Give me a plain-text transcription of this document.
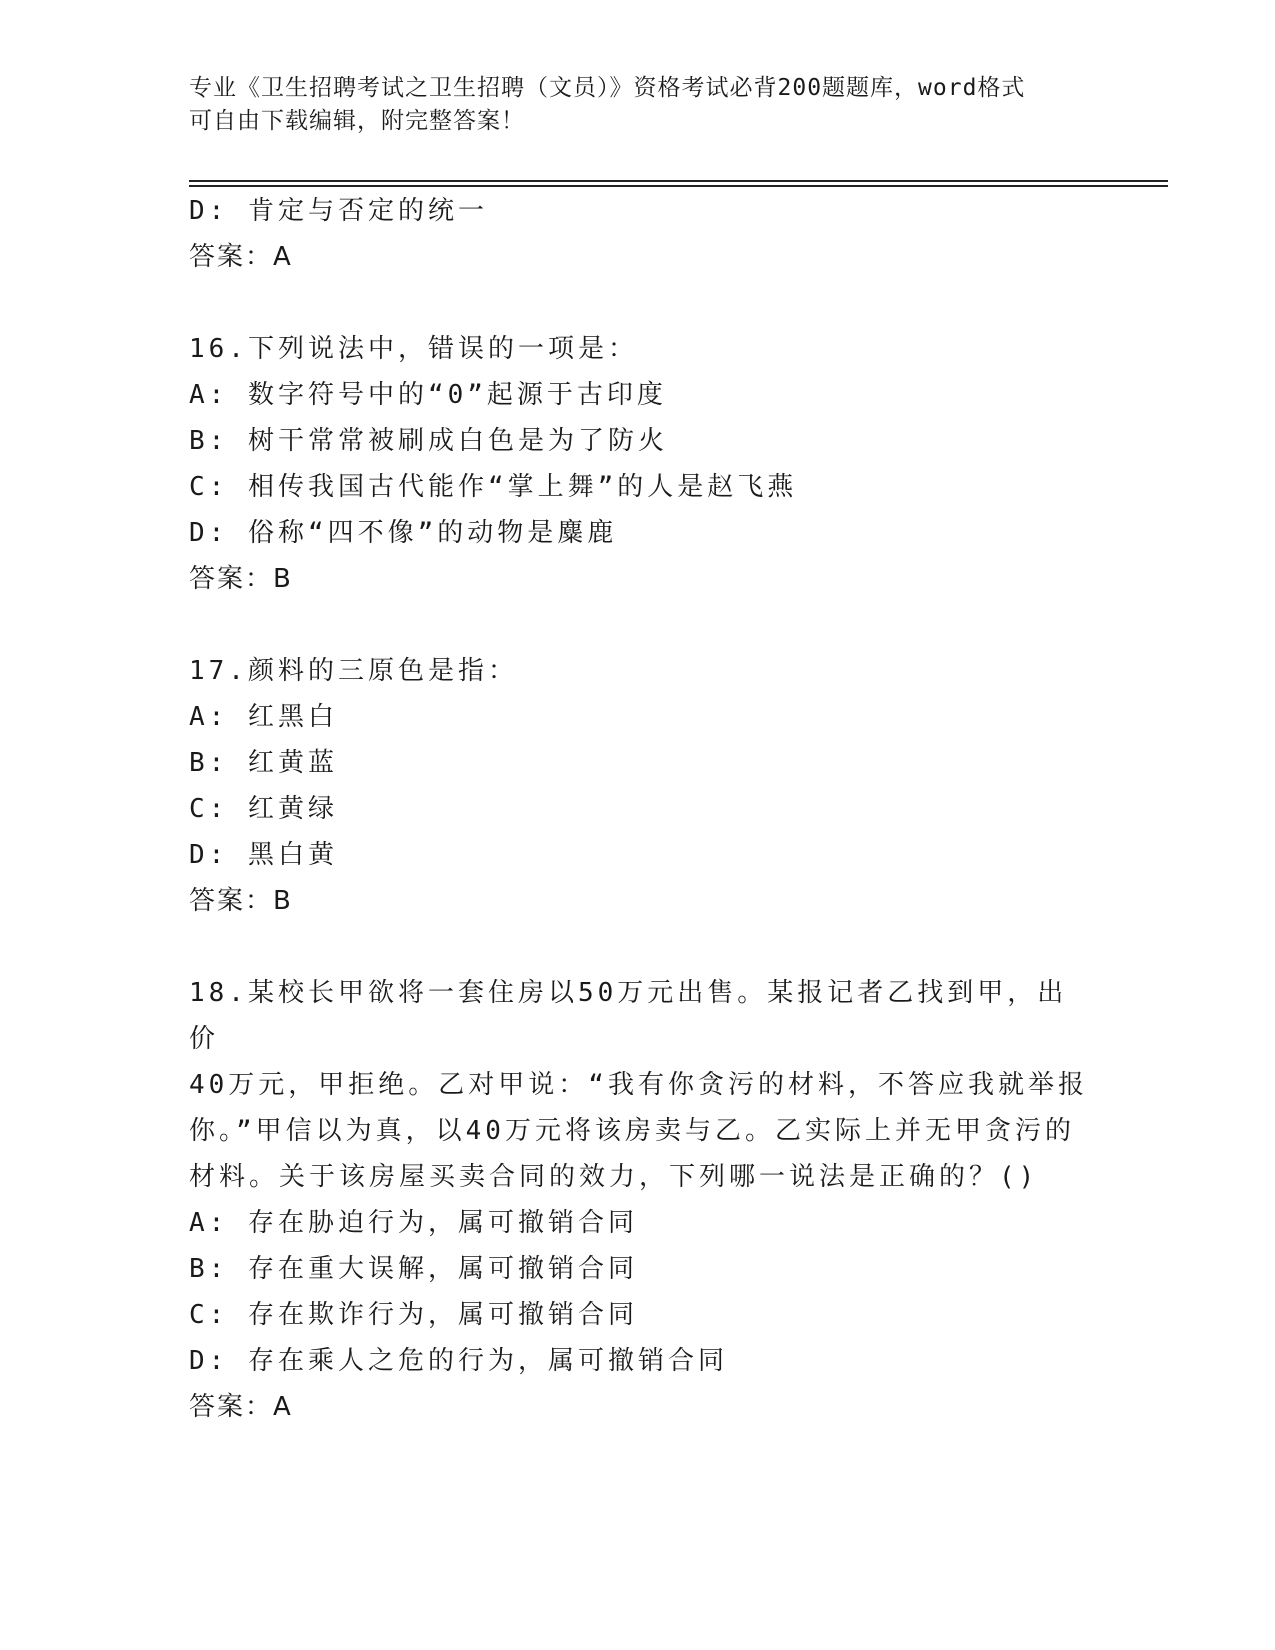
专业《卫生招聘考试之卫生招聘（文员）》资格考试必背200题题库，word格式
可自由下载编辑，附完整答案！
D: 肯定与否定的统一
答案：A
16.下列说法中，错误的一项是：
A: 数字符号中的“0”起源于古印度
B: 树干常常被刷成白色是为了防火
C: 相传我国古代能作“掌上舞”的人是赵飞燕
D: 俗称“四不像”的动物是麋鹿
答案：B
17.颜料的三原色是指：
A: 红黑白
B: 红黄蓝
C: 红黄绿
D: 黑白黄
答案：B
18.某校长甲欲将一套住房以50万元出售。某报记者乙找到甲，出价
40万元，甲拒绝。乙对甲说：“我有你贪污的材料，不答应我就举报
你。”甲信以为真，以40万元将该房卖与乙。乙实际上并无甲贪污的
材料。关于该房屋买卖合同的效力，下列哪一说法是正确的？()
A: 存在胁迫行为，属可撤销合同
B: 存在重大误解，属可撤销合同
C: 存在欺诈行为，属可撤销合同
D: 存在乘人之危的行为，属可撤销合同
答案：A
